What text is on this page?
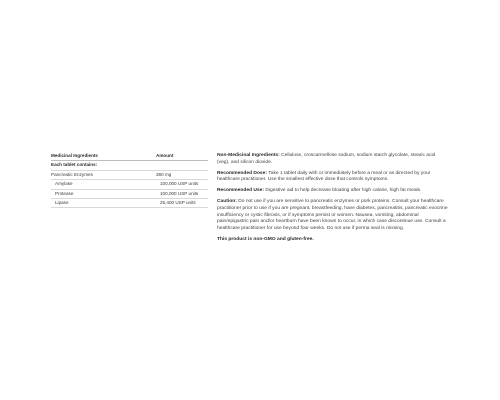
Medicinal Ingredients	Amount
Each tablet contains:
Pancreatic Enzymes	380 mg
Amylase	100,000 USP units
Protease	100,000 USP units
Lipase	25,400 USP units

Non-Medicinal Ingredients: Cellulose, croscarmellose sodium, sodium starch glycolate, stearic acid (veg), and silicon dioxide.

Recommended Dose: Take 1 tablet daily with or immediately before a meal or as directed by your healthcare practitioner. Use the smallest effective dose that controls symptoms.

Recommended Use: Digestive aid to help decrease bloating after high calorie, high fat meals.

Caution: Do not use if you are sensitive to pancreatic enzymes or pork proteins. Consult your healthcare practitioner prior to use if you are pregnant, breastfeeding, have diabetes, pancreatitis, pancreatic exocrine insufficiency or cystic fibrosis, or if symptoms persist or worsen. Nausea, vomiting, abdominal pain/epigastric pain and/or heartburn have been known to occur, in which case discontinue use. Consult a healthcare practitioner for use beyond four weeks. Do not use if perma seal is missing.

This product is non-GMO and gluten-free.
